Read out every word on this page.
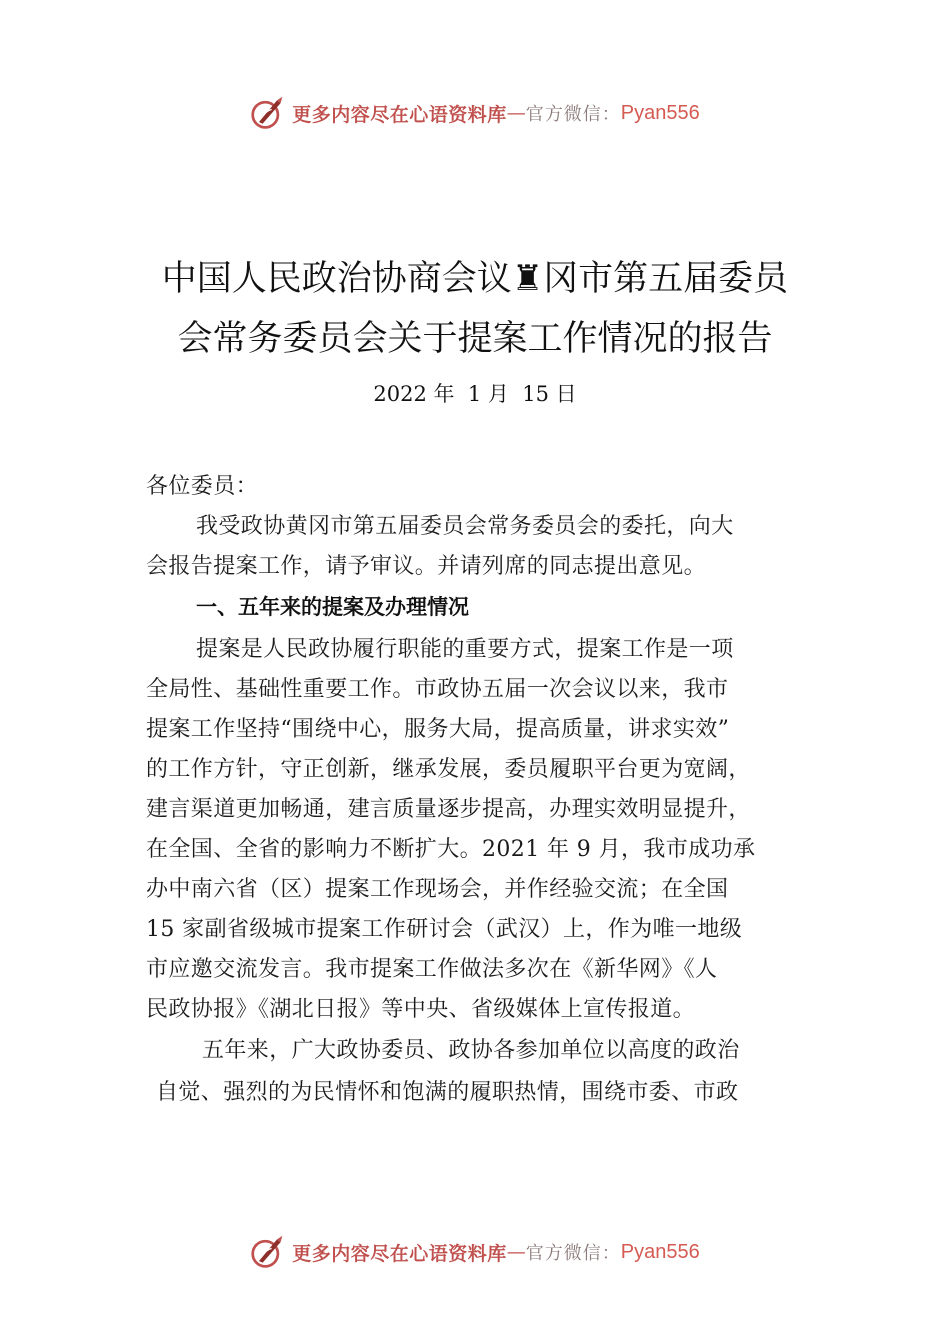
更多内容尽在心语资料库 — 官方微信： Pyan556
中国人民政治协商会议♜冈市第五届委员
会常务委员会关于提案工作情况的报告
2022 年  1 月  15 日
各位委员：
我受政协黄冈市第五届委员会常务委员会的委托，向大
会报告提案工作，请予审议。并请列席的同志提出意见。
一、五年来的提案及办理情况
提案是人民政协履行职能的重要方式，提案工作是一项
全局性、基础性重要工作。市政协五届一次会议以来，我市
提案工作坚持“围绕中心，服务大局，提高质量，讲求实效”
的工作方针，守正创新，继承发展，委员履职平台更为宽阔，
建言渠道更加畅通，建言质量逐步提高，办理实效明显提升，
在全国、全省的影响力不断扩大。2021 年 9 月，我市成功承
办中南六省（区）提案工作现场会，并作经验交流；在全国
15 家副省级城市提案工作研讨会（武汉）上，作为唯一地级
市应邀交流发言。我市提案工作做法多次在《新华网》《人
民政协报》《湖北日报》等中央、省级媒体上宣传报道。
五年来，广大政协委员、政协各参加单位以高度的政治
自觉、强烈的为民情怀和饱满的履职热情，围绕市委、市政
更多内容尽在心语资料库 — 官方微信： Pyan556
